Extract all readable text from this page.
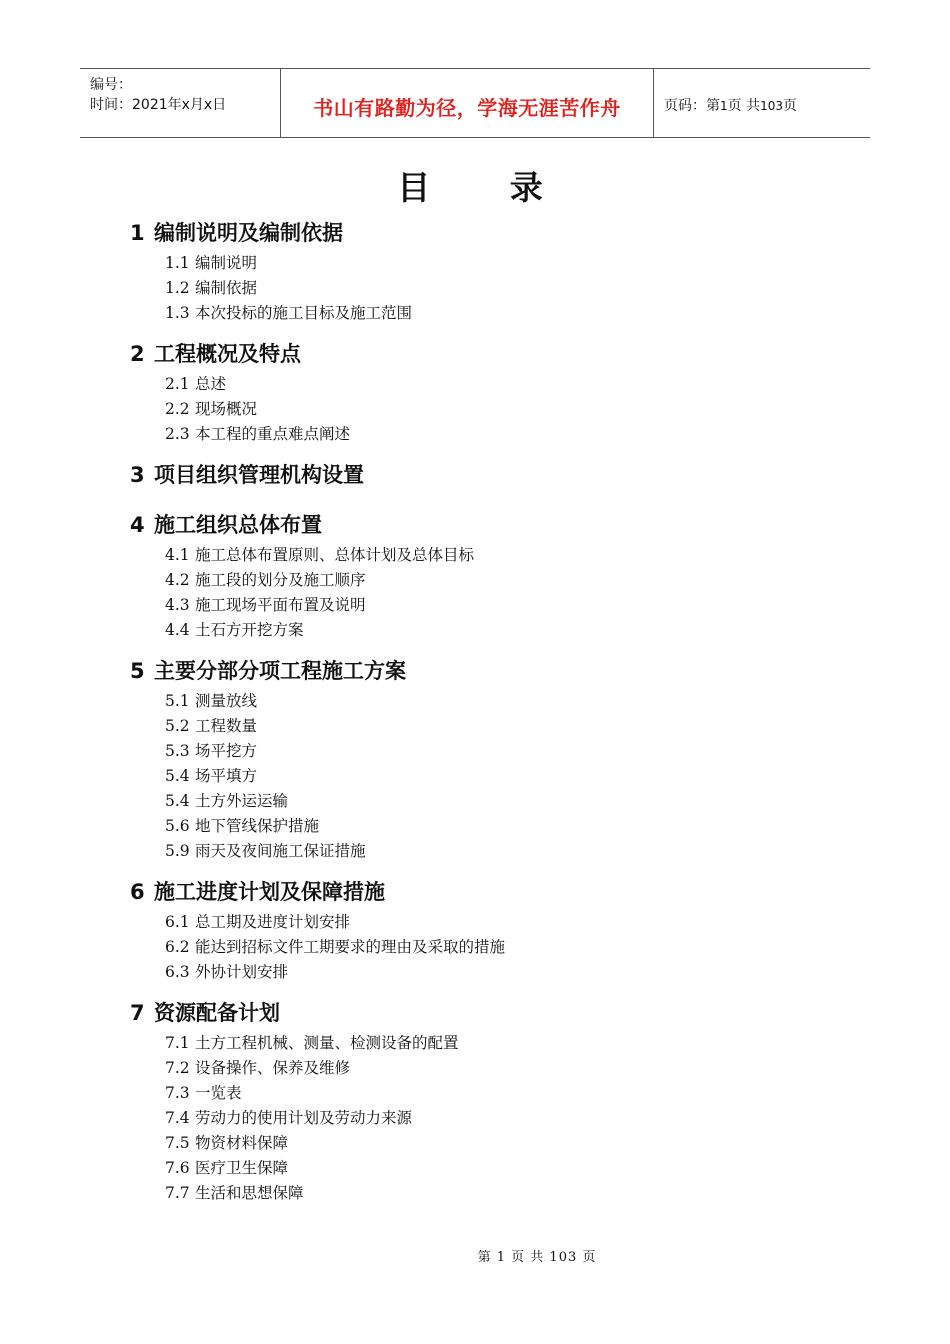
编号：
时间：2021年x月x日	书山有路勤为径，学海无涯苦作舟	页码：第1页 共103页
目 录
1 编制说明及编制依据
1.1 编制说明
1.2 编制依据
1.3 本次投标的施工目标及施工范围
2 工程概况及特点
2.1 总述
2.2 现场概况
2.3 本工程的重点难点阐述
3 项目组织管理机构设置
4 施工组织总体布置
4.1 施工总体布置原则、总体计划及总体目标
4.2 施工段的划分及施工顺序
4.3 施工现场平面布置及说明
4.4 土石方开挖方案
5 主要分部分项工程施工方案
5.1 测量放线
5.2 工程数量
5.3 场平挖方
5.4 场平填方
5.4 土方外运运输
5.6 地下管线保护措施
5.9 雨天及夜间施工保证措施
6 施工进度计划及保障措施
6.1 总工期及进度计划安排
6.2 能达到招标文件工期要求的理由及采取的措施
6.3 外协计划安排
7 资源配备计划
7.1 土方工程机械、测量、检测设备的配置
7.2 设备操作、保养及维修
7.3 一览表
7.4 劳动力的使用计划及劳动力来源
7.5 物资材料保障
7.6 医疗卫生保障
7.7 生活和思想保障
第 1 页 共 103 页
